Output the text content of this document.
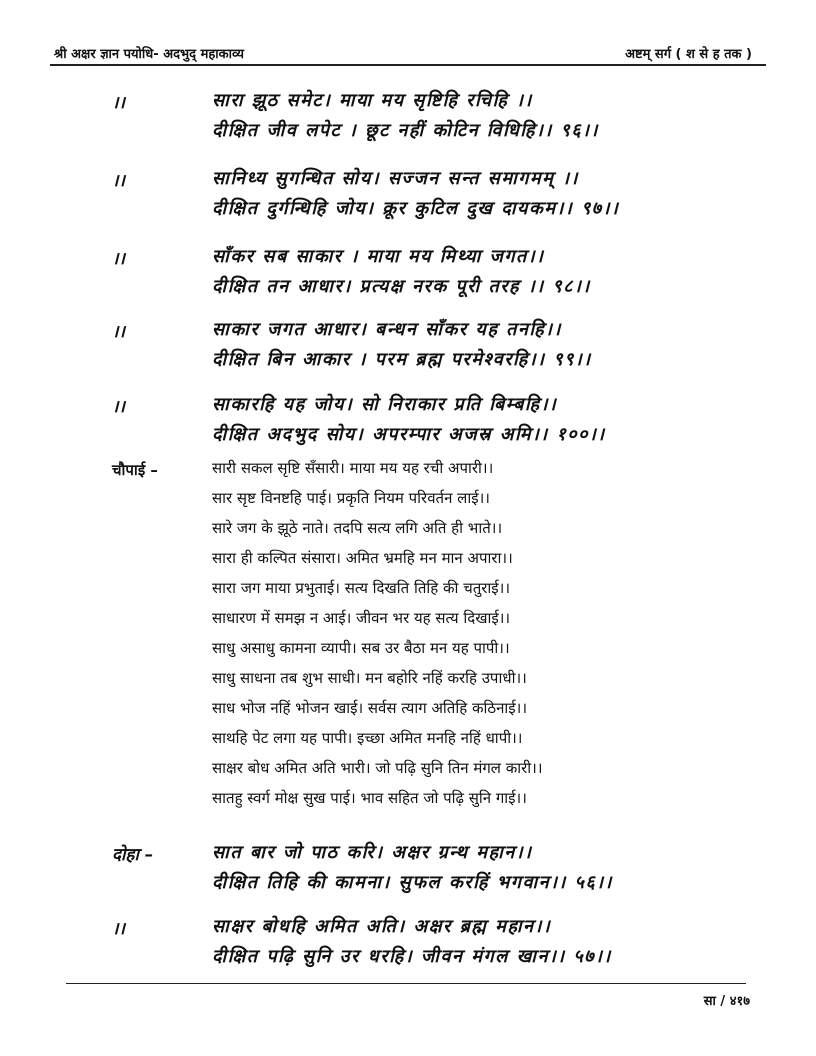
श्री अक्षर ज्ञान पयोधि- अदभुद् महाकाव्य	अष्टम् सर्ग ( श से ह तक )
।।	सारा झूठ समेट। माया मय सृष्टिहि रचिहि ।।
दीक्षित जीव लपेट । छूट नहीं कोटिन विधिहि।। ९६।।
।।	सानिध्य सुगन्धित सोय। सज्जन सन्त समागमम् ।।
दीक्षित दुर्गन्धिहि जोय। क्रूर कुटिल दुख दायकम।। ९७।।
।।	साँकर सब साकार । माया मय मिथ्या जगत।।
दीक्षित तन आधार। प्रत्यक्ष नरक पूरी तरह ।। ९८।।
।।	साकार जगत आधार। बन्धन साँकर यह तनहि।।
दीक्षित बिन आकार । परम ब्रह्म परमेश्वरहि।। ९९।।
।।	साकारहि यह जोय। सो निराकार प्रति बिम्बहि।।
दीक्षित अदभुद सोय। अपरम्पार अजस्र अमि।। १००।।
चौपाई –	सारी सकल सृष्टि सँसारी। माया मय यह रची अपारी।।
सार सृष्ट विनष्टहि पाई। प्रकृति नियम परिवर्तन लाई।।
सारे जग के झूठे नाते। तदपि सत्य लगि अति ही भाते।।
सारा ही कल्पित संसारा। अमित भ्रमहि मन मान अपारा।।
सारा जग माया प्रभुताई। सत्य दिखति तिहि की चतुराई।।
साधारण में समझ न आई। जीवन भर यह सत्य दिखाई।।
साधु असाधु कामना व्यापी। सब उर बैठा मन यह पापी।।
साधु साधना तब शुभ साधी। मन बहोरि नहिं करहि उपाधी।।
साध भोज नहिं भोजन खाई। सर्वस त्याग अतिहि कठिनाई।।
साथहि पेट लगा यह पापी। इच्छा अमित मनहि नहिं धापी।।
साक्षर बोध अमित अति भारी। जो पढ़ि सुनि तिन मंगल कारी।।
सातहु स्वर्ग मोक्ष सुख पाई। भाव सहित जो पढ़ि सुनि गाई।।
दोहा –	सात बार जो पाठ करि। अक्षर ग्रन्थ महान।।
दीक्षित तिहि की कामना। सुफल करहिं भगवान।। ५६।।
।।	साक्षर बोधहि अमित अति। अक्षर ब्रह्म महान।।
दीक्षित पढ़ि सुनि उर धरहि। जीवन मंगल खान।। ५७।।
सा / ४१७
